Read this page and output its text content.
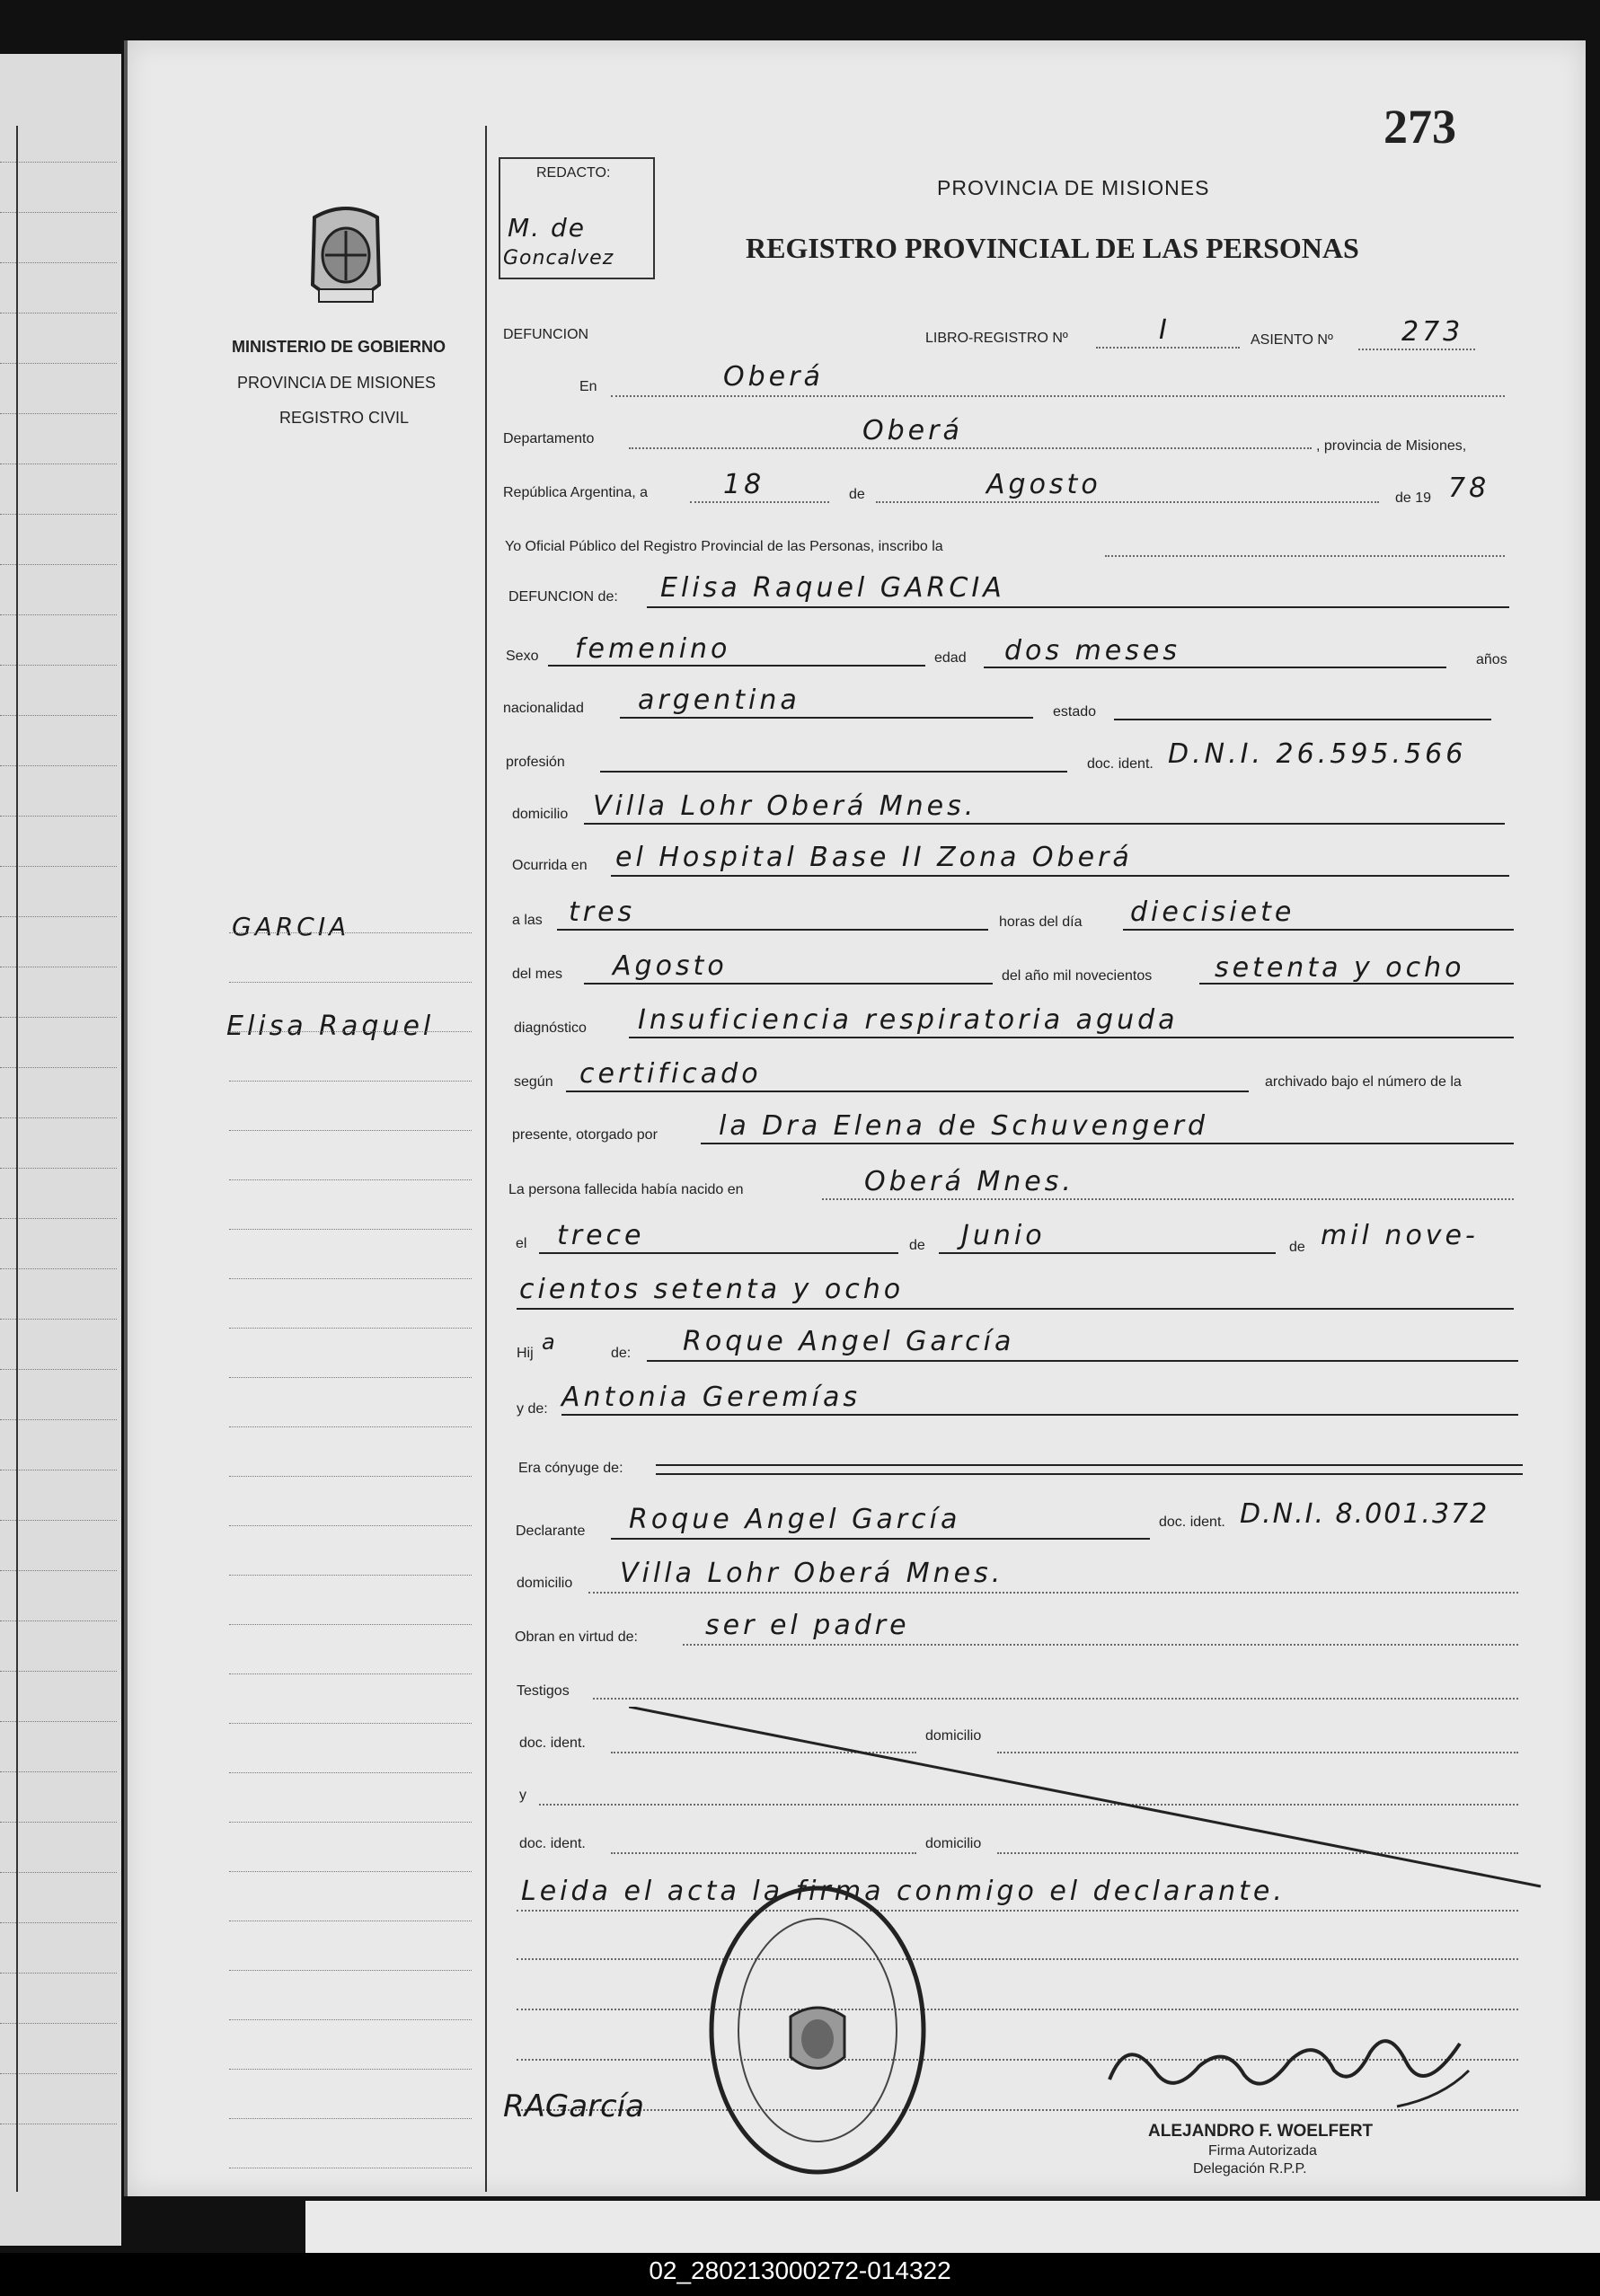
02_280213000272-014322
273
REDACTO:
M. de
Goncalvez
PROVINCIA DE MISIONES
REGISTRO PROVINCIAL DE LAS PERSONAS
MINISTERIO DE GOBIERNO
PROVINCIA DE MISIONES
REGISTRO CIVIL
GARCIA
Elisa Raquel
DEFUNCION	LIBRO-REGISTRO Nº	I	ASIENTO Nº	273
En	Oberá
Departamento	Oberá	, provincia de Misiones,
República Argentina, a	18	de	Agosto	de 19 78
Yo Oficial Público del Registro Provincial de las Personas, inscribo la
DEFUNCION de: Elisa Raquel GARCIA
Sexo femenino	edad dos meses	años
nacionalidad argentina	estado
profesión	doc. ident. D.N.I. 26.595.566
domicilio Villa Lohr Oberá Mnes.
Ocurrida en el Hospital Base II Zona Oberá
a las tres	horas del día diecisiete
del mes Agosto	del año mil novecientos setenta y ocho
diagnóstico Insuficiencia respiratoria aguda
según certificado	archivado bajo el número de la
presente, otorgado por la Dra Elena de Schuvengerd
La persona fallecida había nacido en	Oberá Mnes.
el trece	de Junio	de mil nove-
cientos setenta y ocho
Hij a	de: Roque Angel García
y de: Antonia Geremías
Era cónyuge de:
Declarante Roque Angel García	doc. ident. D.N.I. 8.001.372
domicilio Villa Lohr Oberá Mnes.
Obran en virtud de:	ser el padre
Testigos
doc. ident.	domicilio
y
doc. ident.	domicilio
Leida el acta la firma conmigo el declarante.
RAGarcía
ALEJANDRO F. WOELFERT
Firma Autorizada
Delegación R.P.P.
